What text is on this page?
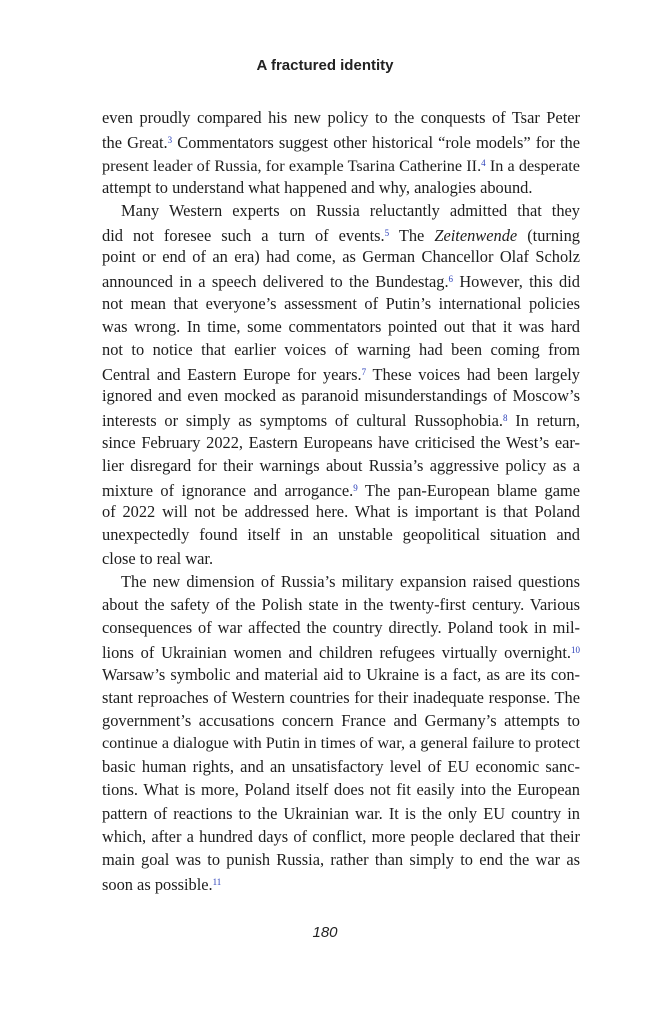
A fractured identity
even proudly compared his new policy to the conquests of Tsar Peter
the Great.$^3$ Commentators suggest other historical “role models” for the
present leader of Russia, for example Tsarina Catherine II.$^4$ In a desperate
attempt to understand what happened and why, analogies abound.
Many Western experts on Russia reluctantly admitted that they
did not foresee such a turn of events.$^5$ The Zeitenwende (turning
point or end of an era) had come, as German Chancellor Olaf Scholz
announced in a speech delivered to the Bundestag.$^6$ However, this did
not mean that everyone’s assessment of Putin’s international policies
was wrong. In time, some commentators pointed out that it was hard
not to notice that earlier voices of warning had been coming from
Central and Eastern Europe for years.$^7$ These voices had been largely
ignored and even mocked as paranoid misunderstandings of Moscow’s
interests or simply as symptoms of cultural Russophobia.$^8$ In return,
since February 2022, Eastern Europeans have criticised the West’s ear-
lier disregard for their warnings about Russia’s aggressive policy as a
mixture of ignorance and arrogance.$^9$ The pan-European blame game
of 2022 will not be addressed here. What is important is that Poland
unexpectedly found itself in an unstable geopolitical situation and
close to real war.
The new dimension of Russia’s military expansion raised questions
about the safety of the Polish state in the twenty-first century. Various
consequences of war affected the country directly. Poland took in mil-
lions of Ukrainian women and children refugees virtually overnight.$^{10}$
Warsaw’s symbolic and material aid to Ukraine is a fact, as are its con-
stant reproaches of Western countries for their inadequate response. The
government’s accusations concern France and Germany’s attempts to
continue a dialogue with Putin in times of war, a general failure to protect
basic human rights, and an unsatisfactory level of EU economic sanc-
tions. What is more, Poland itself does not fit easily into the European
pattern of reactions to the Ukrainian war. It is the only EU country in
which, after a hundred days of conflict, more people declared that their
main goal was to punish Russia, rather than simply to end the war as
soon as possible.$^{11}$
180
